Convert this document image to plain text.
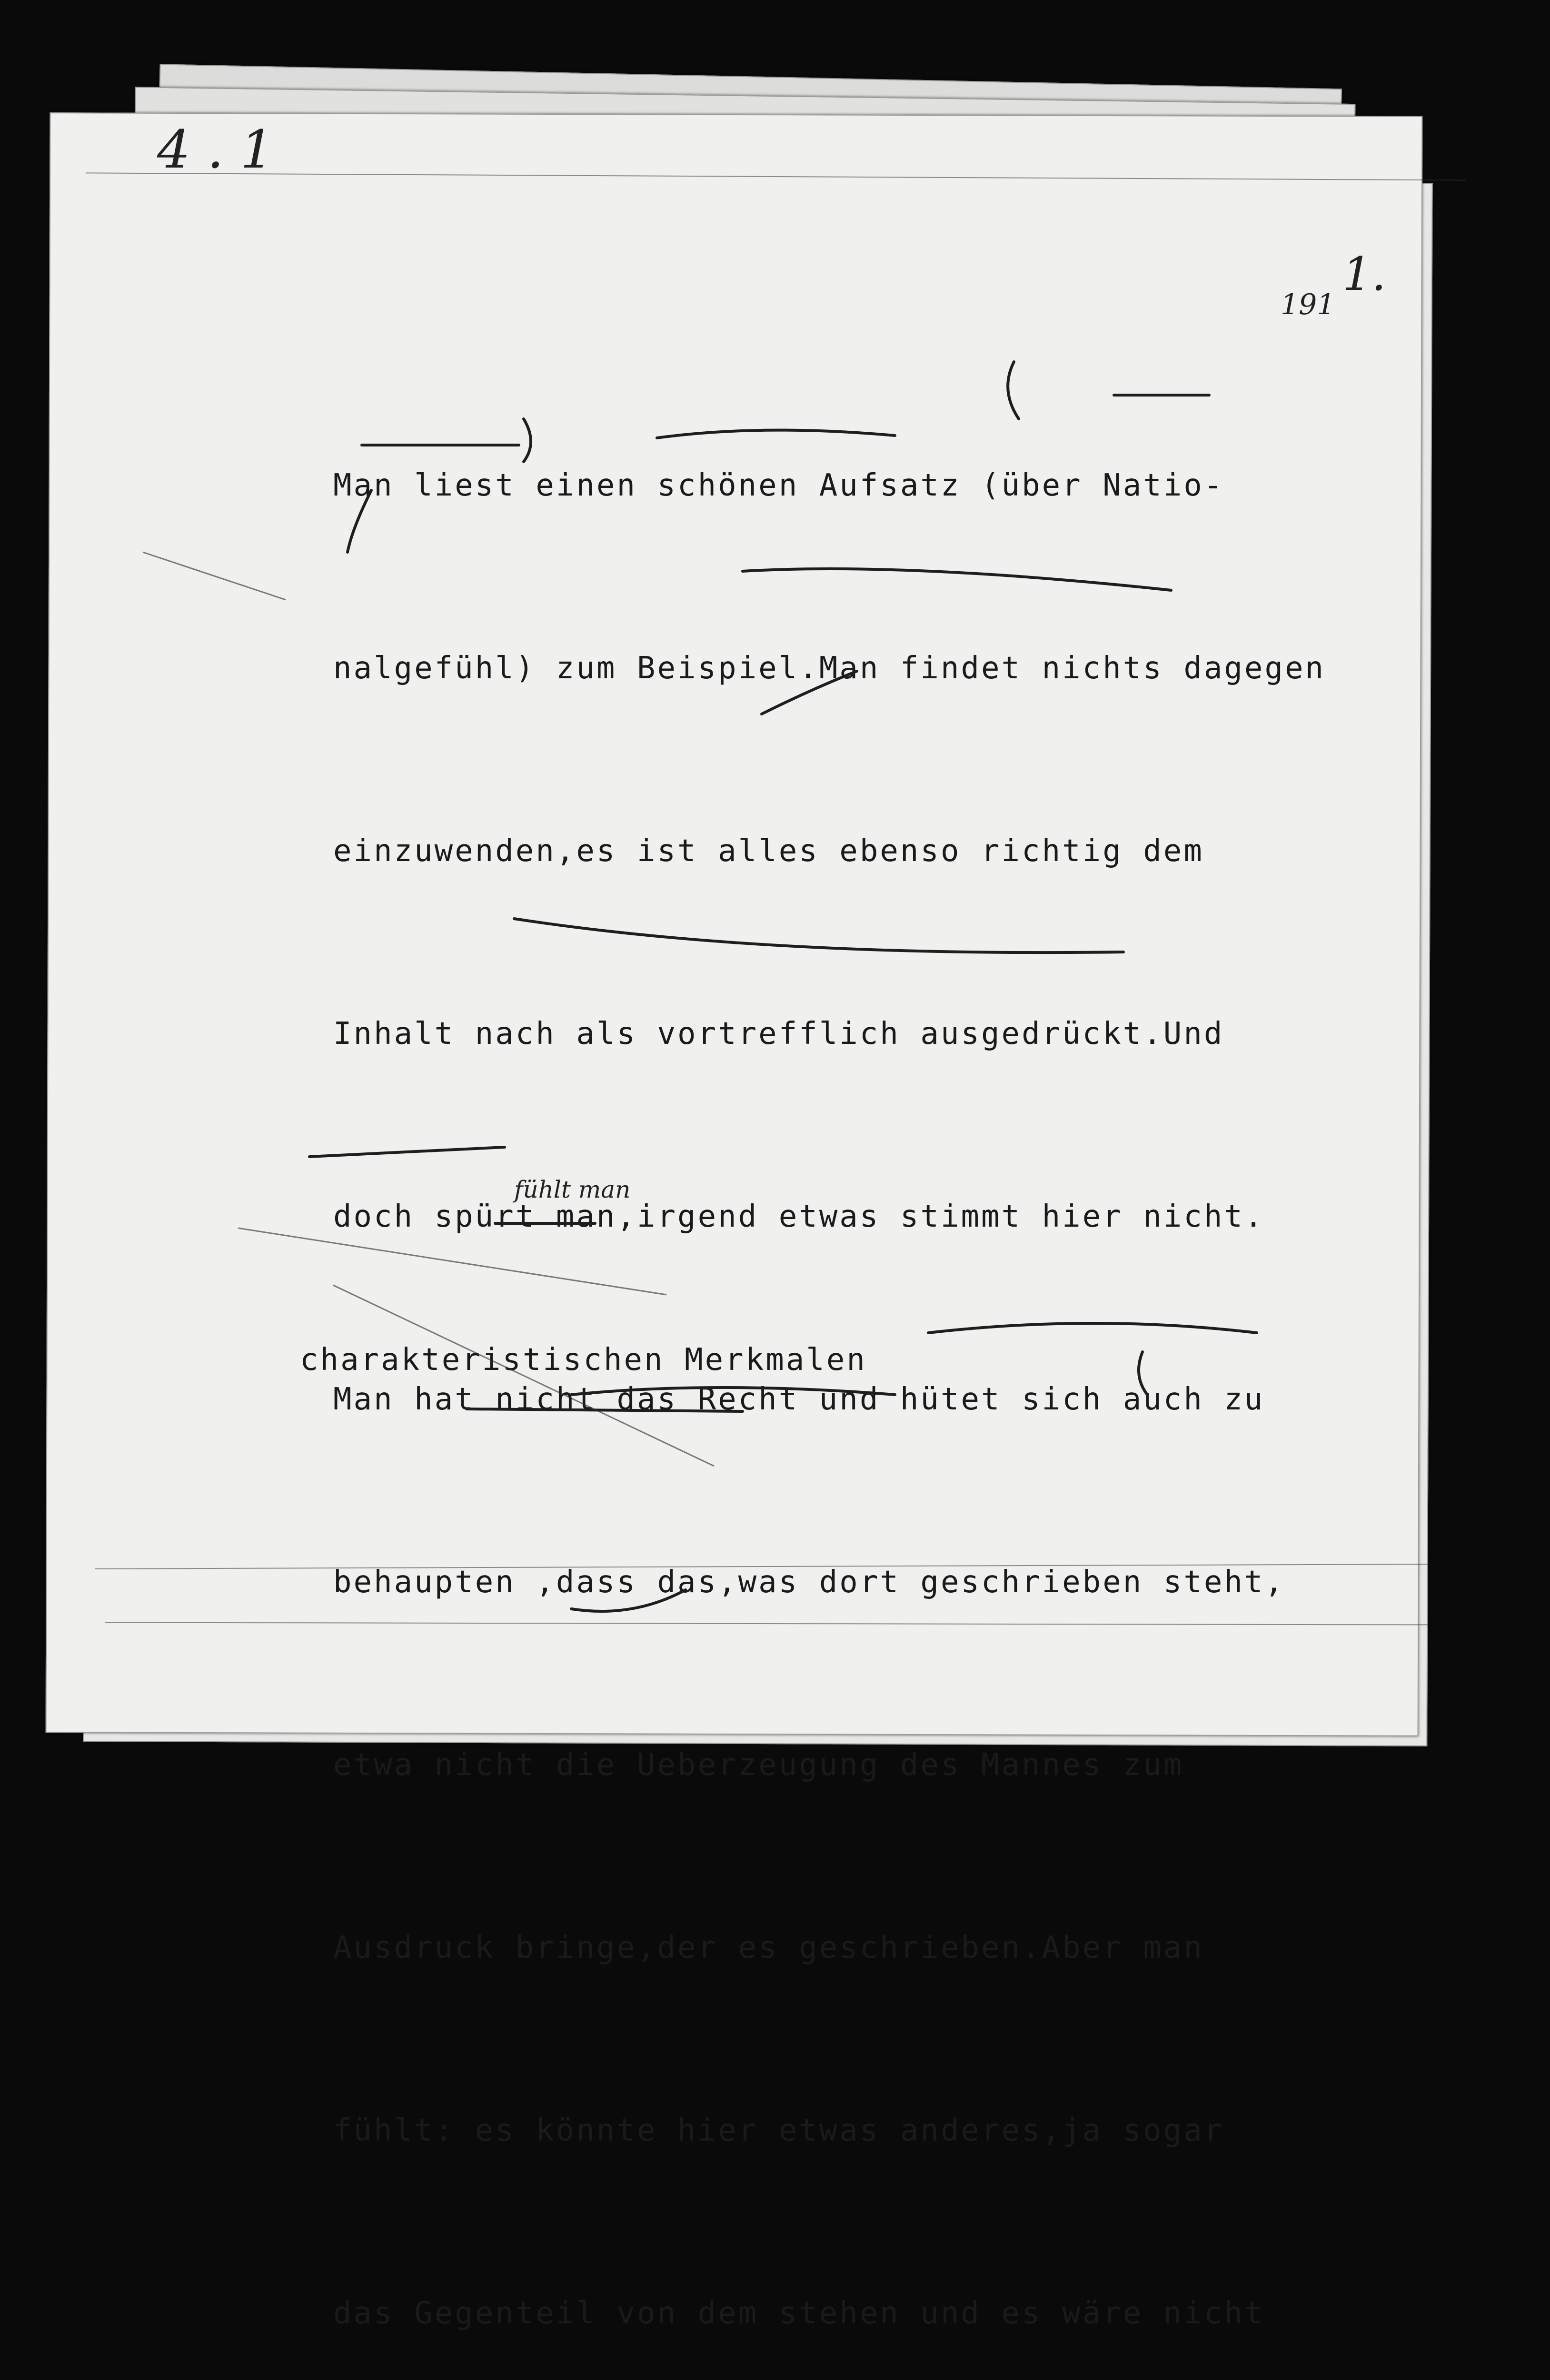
4 . 1
1.
191

Man liest einen schönen Aufsatz (über Natio-

nalgefühl) zum Beispiel.Man findet nichts dagegen

einzuwenden,es ist alles ebenso richtig dem

Inhalt nach als vortrefflich ausgedrückt.Und

doch spürt man,irgend etwas stimmt hier nicht.

Man hat nicht das Recht und hütet sich auch zu

behaupten ,dass das,was dort geschrieben steht,

etwa nicht die Ueberzeugung des Mannes zum

Ausdruck bringe,der es geschrieben.Aber man

fühlt: es könnte hier etwas anderes,ja sogar

das Gegenteil von dem stehen und es wäre nicht

charakteristischen Merkmalen
fühlt man
